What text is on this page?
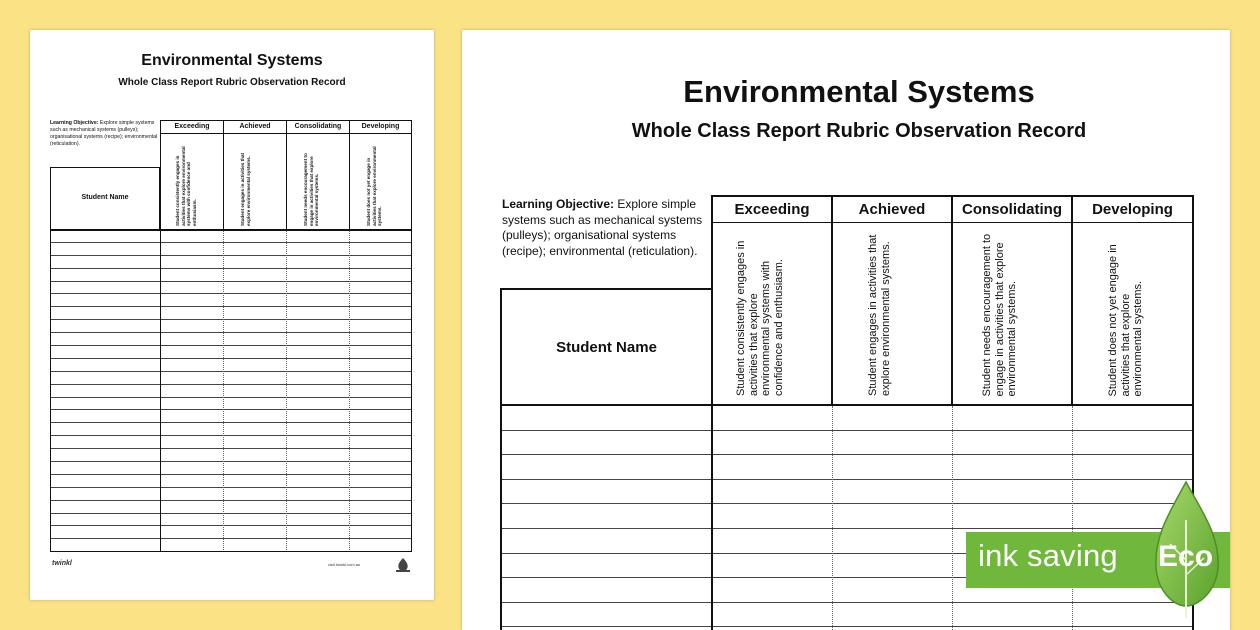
Environmental Systems
Whole Class Report Rubric Observation Record
Learning Objective: Explore simple systems such as mechanical systems (pulleys); organisational systems (recipe); environmental (reticulation).
Exceeding	Achieved	Consolidating	Developing
Student consistently engages in activities that explore environmental systems with confidence and enthusiasm.	Student engages in activities that explore environmental systems.	Student needs encouragement to engage in activities that explore environmental systems.	Student does not yet engage in activities that explore environmental systems.
Student Name
twinkl	visit twinkl.com.au
Environmental Systems
Whole Class Report Rubric Observation Record
Learning Objective: Explore simple systems such as mechanical systems (pulleys); organisational systems (recipe); environmental (reticulation).
Exceeding	Achieved	Consolidating	Developing
Student consistently engages in activities that explore environmental systems with confidence and enthusiasm.	Student engages in activities that explore environmental systems.	Student needs encouragement to engage in activities that explore environmental systems.	Student does not yet engage in activities that explore environmental systems.
Student Name
ink saving Eco
